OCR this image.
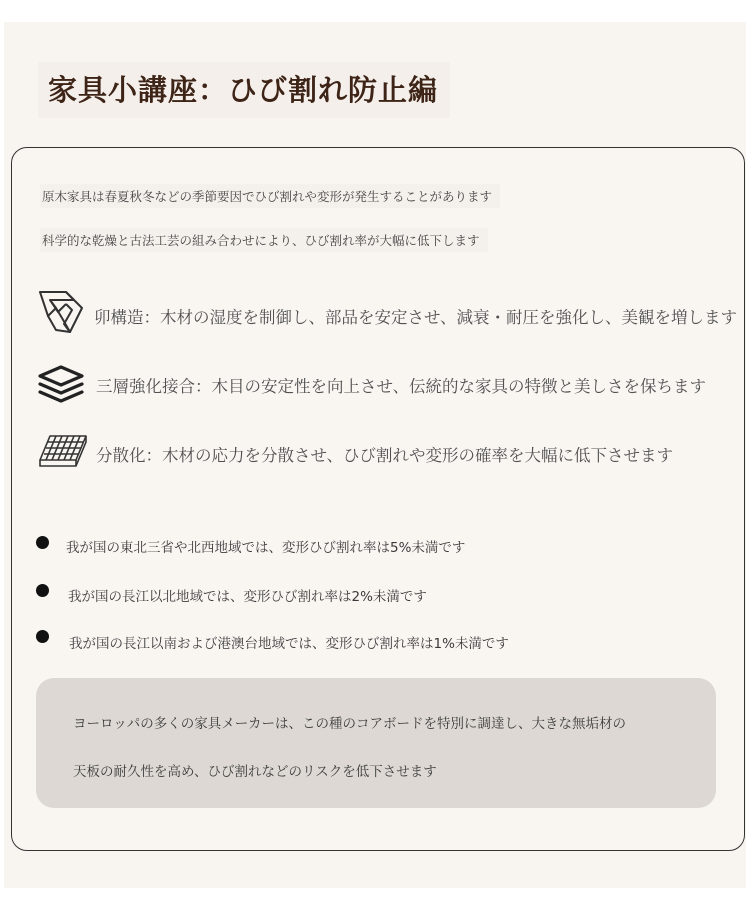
家具小講座：ひび割れ防止編
原木家具は春夏秋冬などの季節要因でひび割れや変形が発生することがあります
科学的な乾燥と古法工芸の組み合わせにより、ひび割れ率が大幅に低下します
卯構造：木材の湿度を制御し、部品を安定させ、減衰・耐圧を強化し、美観を増します
三層強化接合：木目の安定性を向上させ、伝統的な家具の特徴と美しさを保ちます
分散化：木材の応力を分散させ、ひび割れや変形の確率を大幅に低下させます
我が国の東北三省や北西地域では、変形ひび割れ率は5%未満です
我が国の長江以北地域では、変形ひび割れ率は2%未満です
我が国の長江以南および港澳台地域では、変形ひび割れ率は1%未満です
ヨーロッパの多くの家具メーカーは、この種のコアボードを特別に調達し、大きな無垢材の
天板の耐久性を高め、ひび割れなどのリスクを低下させます
